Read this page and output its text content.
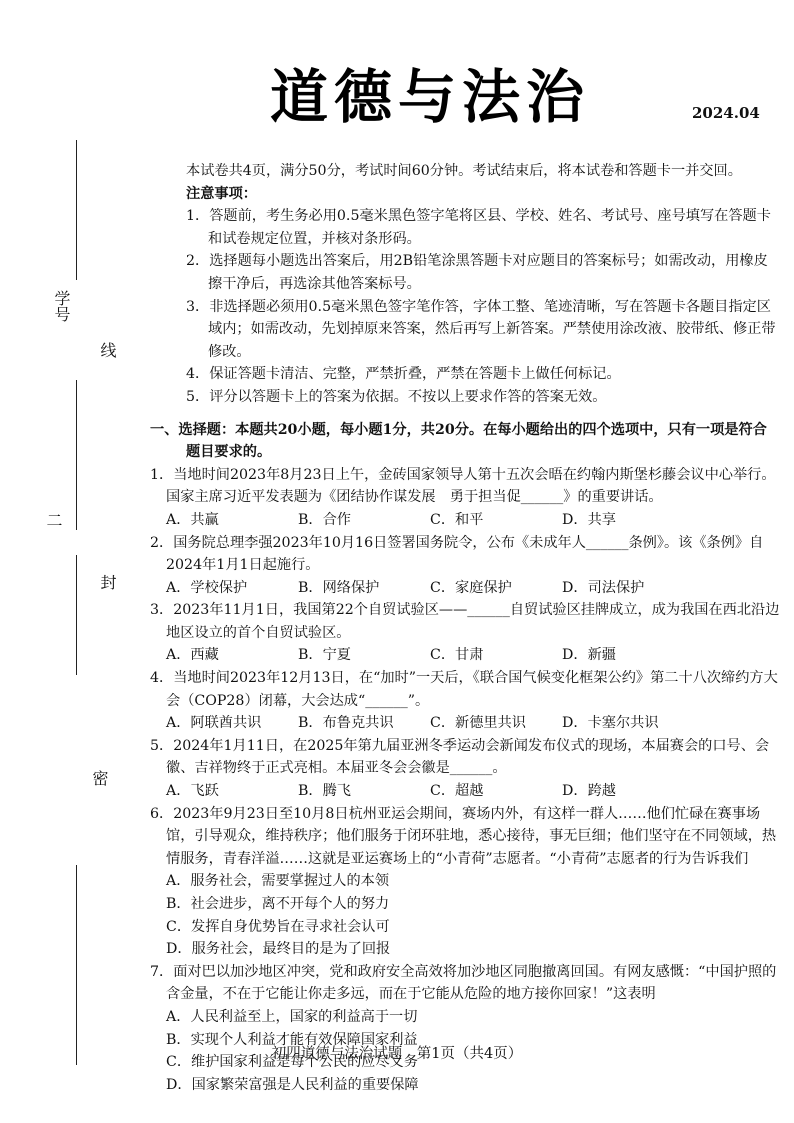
道德与法治	2024.04
学号
线
二
封
密

本试卷共4页，满分50分，考试时间60分钟。考试结束后，将本试卷和答题卡一并交回。

注意事项：

1．答题前，考生务必用0.5毫米黑色签字笔将区县、学校、姓名、考试号、座号填写在答题卡和试卷规定位置，并核对条形码。

2．选择题每小题选出答案后，用2B铅笔涂黑答题卡对应题目的答案标号；如需改动，用橡皮擦干净后，再选涂其他答案标号。

3．非选择题必须用0.5毫米黑色签字笔作答，字体工整、笔迹清晰，写在答题卡各题目指定区域内；如需改动，先划掉原来答案，然后再写上新答案。严禁使用涂改液、胶带纸、修正带修改。

4．保证答题卡清洁、完整，严禁折叠，严禁在答题卡上做任何标记。

5．评分以答题卡上的答案为依据。不按以上要求作答的答案无效。

一、选择题：本题共20小题，每小题1分，共20分。在每小题给出的四个选项中，只有一项是符合题目要求的。

1．当地时间2023年8月23日上午，金砖国家领导人第十五次会晤在约翰内斯堡杉藤会议中心举行。国家主席习近平发表题为《团结协作谋发展　勇于担当促______》的重要讲话。

A．共赢	B．合作	C．和平	D．共享

2．国务院总理李强2023年10月16日签署国务院令，公布《未成年人______条例》。该《条例》自2024年1月1日起施行。

A．学校保护	B．网络保护	C．家庭保护	D．司法保护

3．2023年11月1日，我国第22个自贸试验区——______自贸试验区挂牌成立，成为我国在西北沿边地区设立的首个自贸试验区。

A．西藏	B．宁夏	C．甘肃	D．新疆

4．当地时间2023年12月13日，在“加时”一天后，《联合国气候变化框架公约》第二十八次缔约方大会（COP28）闭幕，大会达成“______”。

A．阿联酋共识	B．布鲁克共识	C．新德里共识	D．卡塞尔共识

5．2024年1月11日，在2025年第九届亚洲冬季运动会新闻发布仪式的现场，本届赛会的口号、会徽、吉祥物终于正式亮相。本届亚冬会会徽是______。

A．飞跃	B．腾飞	C．超越	D．跨越

6．2023年9月23日至10月8日杭州亚运会期间，赛场内外，有这样一群人……他们忙碌在赛事场馆，引导观众，维持秩序；他们服务于闭环驻地，悉心接待，事无巨细；他们坚守在不同领域，热情服务，青春洋溢……这就是亚运赛场上的“小青荷”志愿者。“小青荷”志愿者的行为告诉我们

A．服务社会，需要掌握过人的本领
B．社会进步，离不开每个人的努力
C．发挥自身优势旨在寻求社会认可
D．服务社会，最终目的是为了回报

7．面对巴以加沙地区冲突，党和政府安全高效将加沙地区同胞撤离回国。有网友感慨：“中国护照的含金量，不在于它能让你走多远，而在于它能从危险的地方接你回家！”这表明

A．人民利益至上，国家的利益高于一切
B．实现个人利益才能有效保障国家利益
C．维护国家利益是每个公民的应尽义务
D．国家繁荣富强是人民利益的重要保障
初四道德与法治试题　第1页（共4页）
